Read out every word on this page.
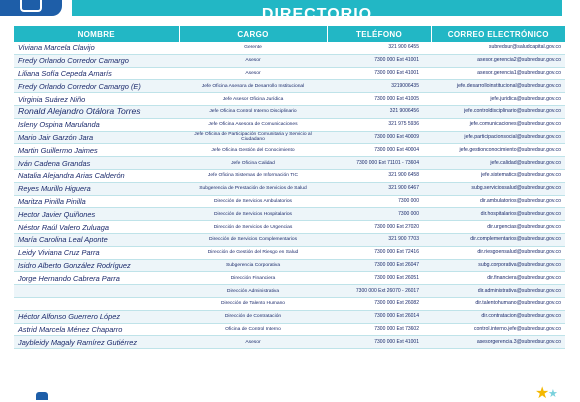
DIRECTORIO
NOMBRE	CARGO	TELÉFONO	CORREO ELECTRÓNICO
Viviana Marcela Clavijo	Gerente	321 900 6455	subredsur@saludcapital.gov.co
Fredy Orlando Corredor Camargo	Asesor	7300 000 Ext 41001	asesor.gerencia2@subredsur.gov.co
Liliana Sofía Cepeda Amarís	Asesor	7300 000 Ext 41001	asesor.gerencia1@subredsur.gov.co
Fredy Orlando Corredor Camargo (E)	Jefe Oficina Asesora de Desarrollo Institucional	3219006435	jefe.desarrolloinstitucional@subredsur.gov.co
Virginia Suárez Niño	Jefe Asesor Oficina Jurídica	7300 000 Ext 41005	jefe.juridica@subredsur.gov.co
Ronald Alejandro Otálora Torres	Jefe Oficina Control Interno Disciplinario	321 9006456	jefe.controldisciplinario@subredsur.gov.co
Isleny Ospina Marulanda	Jefe Oficina Asesora de Comunicaciones	321 975 5936	jefe.comunicaciones@subredsur.gov.co
Mario Jair Garzón Jara	Jefe Oficina de Participación Comunitaria y Servicio al Ciudadano	7300 000 Ext 40009	jefe.participacionsocial@subredsur.gov.co
Martin Guillermo Jaimes	Jefe Oficina Gestión del Conocimiento	7300 000 Ext 40004	jefe.gestionconocimiento@subredsur.gov.co
Iván Cadena Grandas	Jefe Oficina Calidad	7300 000 Ext 71101 - 73604	jefe.calidad@subredsur.gov.co
Natalia Alejandra Arias Calderón	Jefe Oficina Sistemas de Información TIC	321 900 6458	jefe.sistematics@subredsur.gov.co
Reyes Murillo Higuera	Subgerencia de Prestación de Servicios de Salud	321 900 6467	subg.serviciossalud@subredsur.gov.co
Maritza Pinilla Pinilla	Dirección de Servicios Ambulatorios	7300 000	dir.ambulatorios@subredsur.gov.co
Hector Javier Quiñones	Dirección de Servicios Hospitalarios	7300 000	dir.hospitalarios@subredsur.gov.co
Néstor Raúl Valero Zuluaga	Dirección de Servicios de Urgencias	7300 000 Ext 27020	dir.urgencias@subredsur.gov.co
María Carolina Leal Aponte	Dirección de Servicios Complementarios	321 900 7703	dir.complementarios@subredsur.gov.co
Leidy Viviana Cruz Parra	Dirección de Gestión del Riesgo en Salud	7300 000 Ext 72416	dir.riesgoensalud@subredsur.gov.co
Isidro Alberto González Rodríguez	Subgerencia Corporativa	7300 000 Ext 26047	subg.corporativa@subredsur.gov.co
Jorge Hernando Cabrera Parra	Dirección Financiera	7300 000 Ext 26051	dir.financiera@subredsur.gov.co
	Dirección Administrativa	7300 000 Ext 26070 - 26017	dir.administrativa@subredsur.gov.co
	Dirección de Talento Humano	7300 000 Ext 26082	dir.talentohumano@subredsur.gov.co
Héctor Alfonso Guerrero López	Dirección de Contratación	7300 000 Ext 26014	dir.contratacion@subredsur.gov.co
Astrid Marcela Ménez Chaparro	Oficina de Control Interno	7300 000 Ext 73602	control.interno.jefe@subredsur.gov.co
Jaybleidy Magaly Ramírez Gutiérrez	Asesor	7300 000 Ext 41001	asesorgerencia.3@subredsur.gov.co
★
★
